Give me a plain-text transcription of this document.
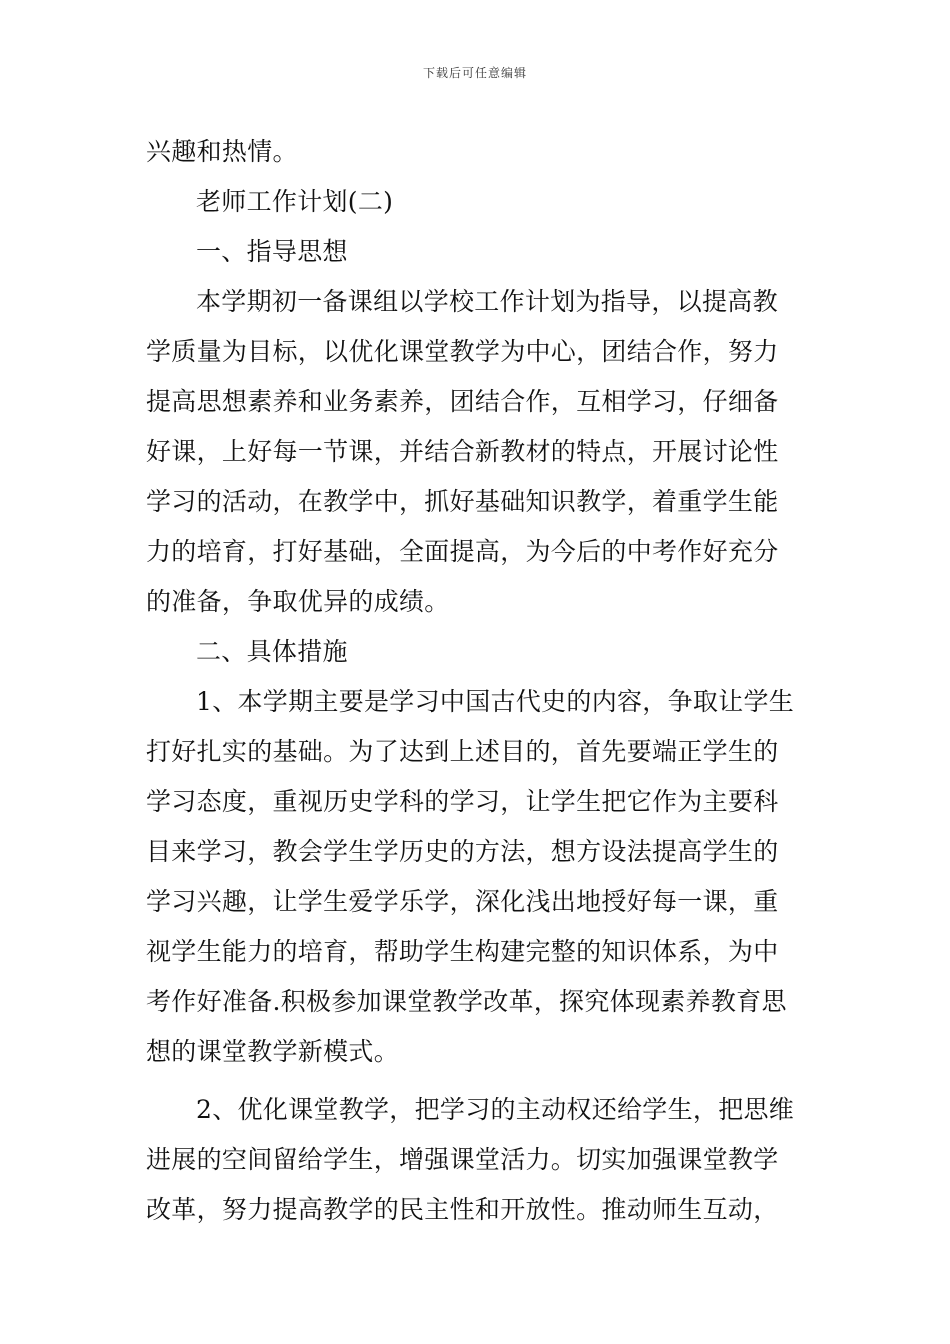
下载后可任意编辑
兴趣和热情。
老师工作计划(二)
一、指导思想
本学期初一备课组以学校工作计划为指导，以提高教
学质量为目标，以优化课堂教学为中心，团结合作，努力
提高思想素养和业务素养，团结合作，互相学习，仔细备
好课，上好每一节课，并结合新教材的特点，开展讨论性
学习的活动，在教学中，抓好基础知识教学，着重学生能
力的培育，打好基础，全面提高，为今后的中考作好充分
的准备，争取优异的成绩。
二、具体措施
1、本学期主要是学习中国古代史的内容，争取让学生
打好扎实的基础。为了达到上述目的，首先要端正学生的
学习态度，重视历史学科的学习，让学生把它作为主要科
目来学习，教会学生学历史的方法，想方设法提高学生的
学习兴趣，让学生爱学乐学，深化浅出地授好每一课，重
视学生能力的培育，帮助学生构建完整的知识体系，为中
考作好准备.积极参加课堂教学改革，探究体现素养教育思
想的课堂教学新模式。
2、优化课堂教学，把学习的主动权还给学生，把思维
进展的空间留给学生，增强课堂活力。切实加强课堂教学
改革，努力提高教学的民主性和开放性。推动师生互动，
